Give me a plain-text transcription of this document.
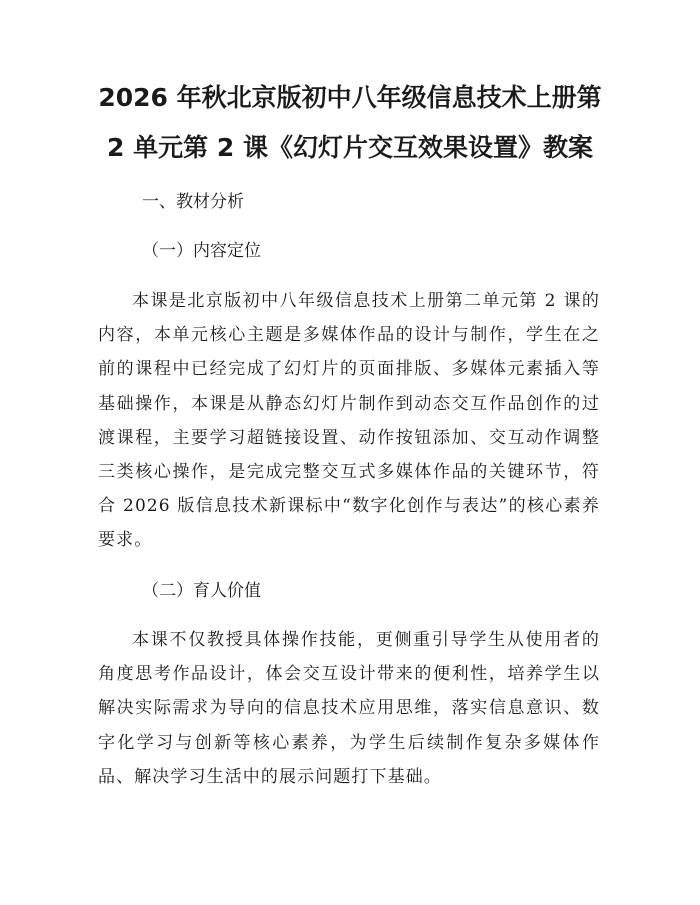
2026 年秋北京版初中八年级信息技术上册第
2 单元第 2 课《幻灯片交互效果设置》教案

一、教材分析

（一）内容定位

本课是北京版初中八年级信息技术上册第二单元第 2 课的内容，本单元核心主题是多媒体作品的设计与制作，学生在之前的课程中已经完成了幻灯片的页面排版、多媒体元素插入等基础操作，本课是从静态幻灯片制作到动态交互作品创作的过渡课程，主要学习超链接设置、动作按钮添加、交互动作调整三类核心操作，是完成完整交互式多媒体作品的关键环节，符合 2026 版信息技术新课标中“数字化创作与表达”的核心素养要求。

（二）育人价值

本课不仅教授具体操作技能，更侧重引导学生从使用者的角度思考作品设计，体会交互设计带来的便利性，培养学生以解决实际需求为导向的信息技术应用思维，落实信息意识、数字化学习与创新等核心素养，为学生后续制作复杂多媒体作品、解决学习生活中的展示问题打下基础。
